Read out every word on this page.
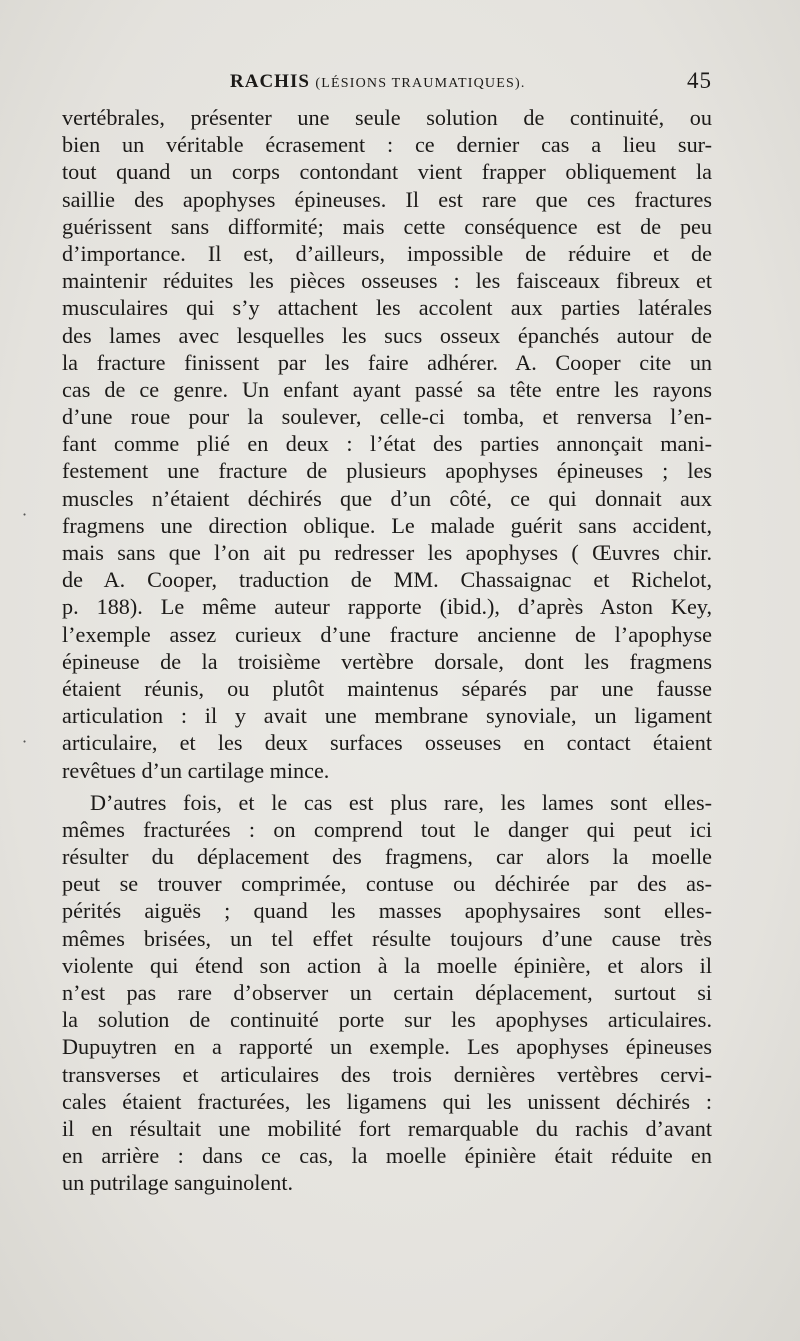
RACHIS (LÉSIONS TRAUMATIQUES).	45
vertébrales, présenter une seule solution de continuité, ou
bien un véritable écrasement : ce dernier cas a lieu sur-
tout quand un corps contondant vient frapper obliquement la
saillie des apophyses épineuses. Il est rare que ces fractures
guérissent sans difformité; mais cette conséquence est de peu
d’importance. Il est, d’ailleurs, impossible de réduire et de
maintenir réduites les pièces osseuses : les faisceaux fibreux et
musculaires qui s’y attachent les accolent aux parties latérales
des lames avec lesquelles les sucs osseux épanchés autour de
la fracture finissent par les faire adhérer. A. Cooper cite un
cas de ce genre. Un enfant ayant passé sa tête entre les rayons
d’une roue pour la soulever, celle-ci tomba, et renversa l’en-
fant comme plié en deux : l’état des parties annonçait mani-
festement une fracture de plusieurs apophyses épineuses ; les
muscles n’étaient déchirés que d’un côté, ce qui donnait aux
fragmens une direction oblique. Le malade guérit sans accident,
mais sans que l’on ait pu redresser les apophyses ( Œuvres chir.
de A. Cooper, traduction de MM. Chassaignac et Richelot,
p. 188). Le même auteur rapporte (ibid.), d’après Aston Key,
l’exemple assez curieux d’une fracture ancienne de l’apophyse
épineuse de la troisième vertèbre dorsale, dont les fragmens
étaient réunis, ou plutôt maintenus séparés par une fausse
articulation : il y avait une membrane synoviale, un ligament
articulaire, et les deux surfaces osseuses en contact étaient
revêtues d’un cartilage mince.
D’autres fois, et le cas est plus rare, les lames sont elles-
mêmes fracturées : on comprend tout le danger qui peut ici
résulter du déplacement des fragmens, car alors la moelle
peut se trouver comprimée, contuse ou déchirée par des as-
pérités aiguës ; quand les masses apophysaires sont elles-
mêmes brisées, un tel effet résulte toujours d’une cause très
violente qui étend son action à la moelle épinière, et alors il
n’est pas rare d’observer un certain déplacement, surtout si
la solution de continuité porte sur les apophyses articulaires.
Dupuytren en a rapporté un exemple. Les apophyses épineuses
transverses et articulaires des trois dernières vertèbres cervi-
cales étaient fracturées, les ligamens qui les unissent déchirés :
il en résultait une mobilité fort remarquable du rachis d’avant
en arrière : dans ce cas, la moelle épinière était réduite en
un putrilage sanguinolent.
·
·
